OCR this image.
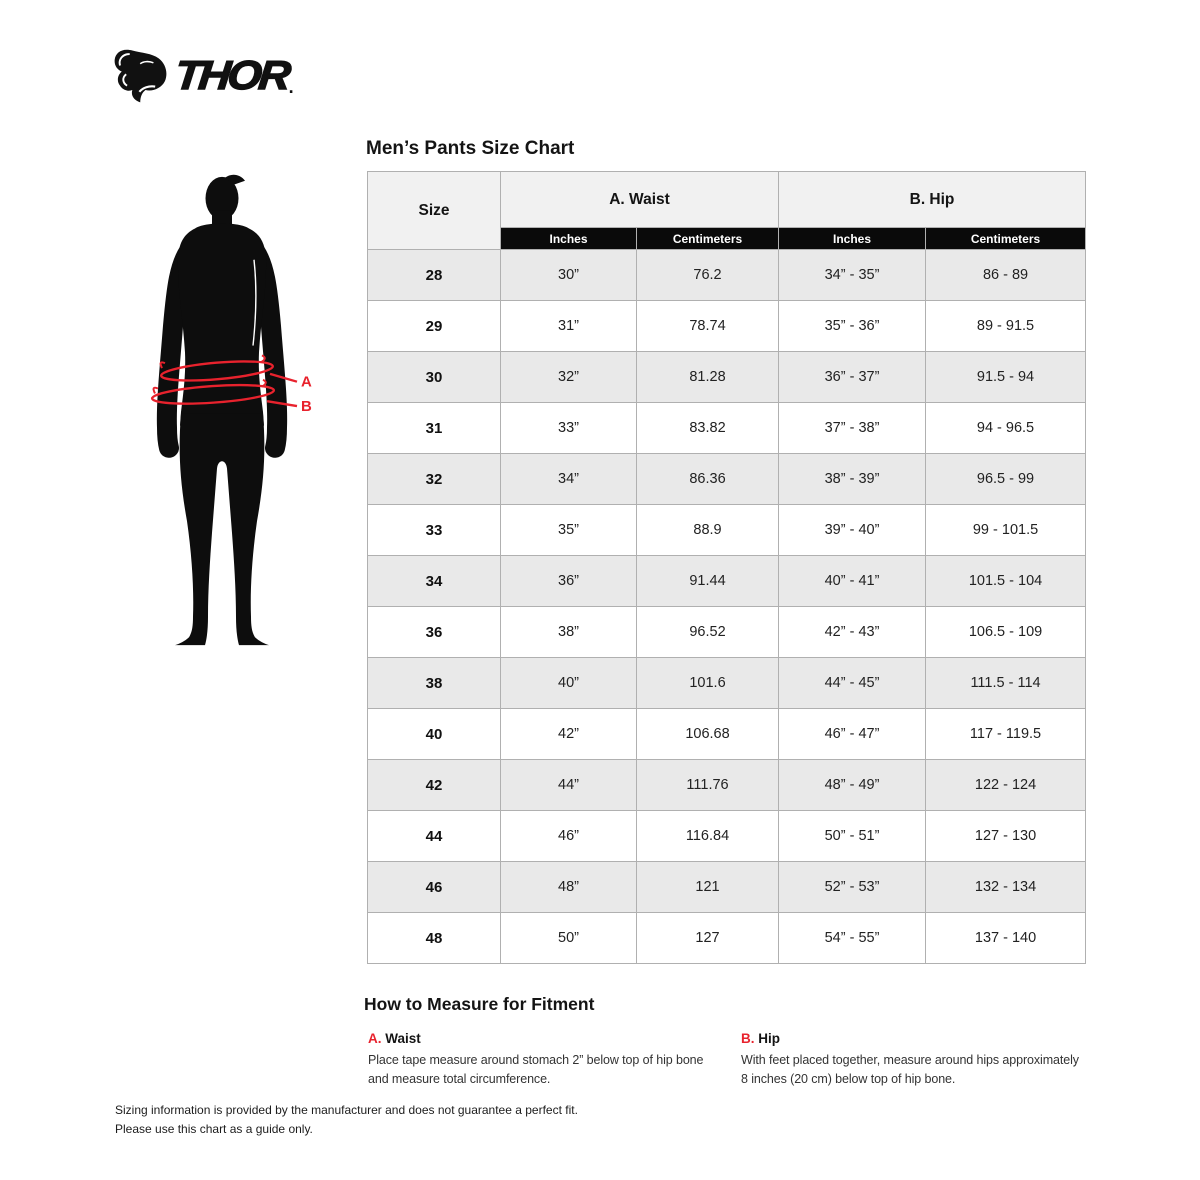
THOR
.
Men’s Pants Size Chart
A
B
Size	A. Waist		B. Hip	
	Inches	Centimeters	Inches	Centimeters
28	30”	76.2	34” - 35”	86 - 89
29	31”	78.74	35” - 36”	89 - 91.5
30	32”	81.28	36” - 37”	91.5 - 94
31	33”	83.82	37” - 38”	94 - 96.5
32	34”	86.36	38” - 39”	96.5 - 99
33	35”	88.9	39” - 40”	99 - 101.5
34	36”	91.44	40” - 41”	101.5 - 104
36	38”	96.52	42” - 43”	106.5 - 109
38	40”	101.6	44” - 45”	111.5 - 114
40	42”	106.68	46” - 47”	117 - 119.5
42	44”	111.76	48” - 49”	122 - 124
44	46”	116.84	50” - 51”	127 - 130
46	48”	121	52” - 53”	132 - 134
48	50”	127	54” - 55”	137 - 140
How to Measure for Fitment
A. Waist
Place tape measure around stomach 2” below top of hip bone and measure total circumference.
B. Hip
With feet placed together, measure around hips approximately 8 inches (20 cm) below top of hip bone.
Sizing information is provided by the manufacturer and does not guarantee a perfect fit.
Please use this chart as a guide only.
